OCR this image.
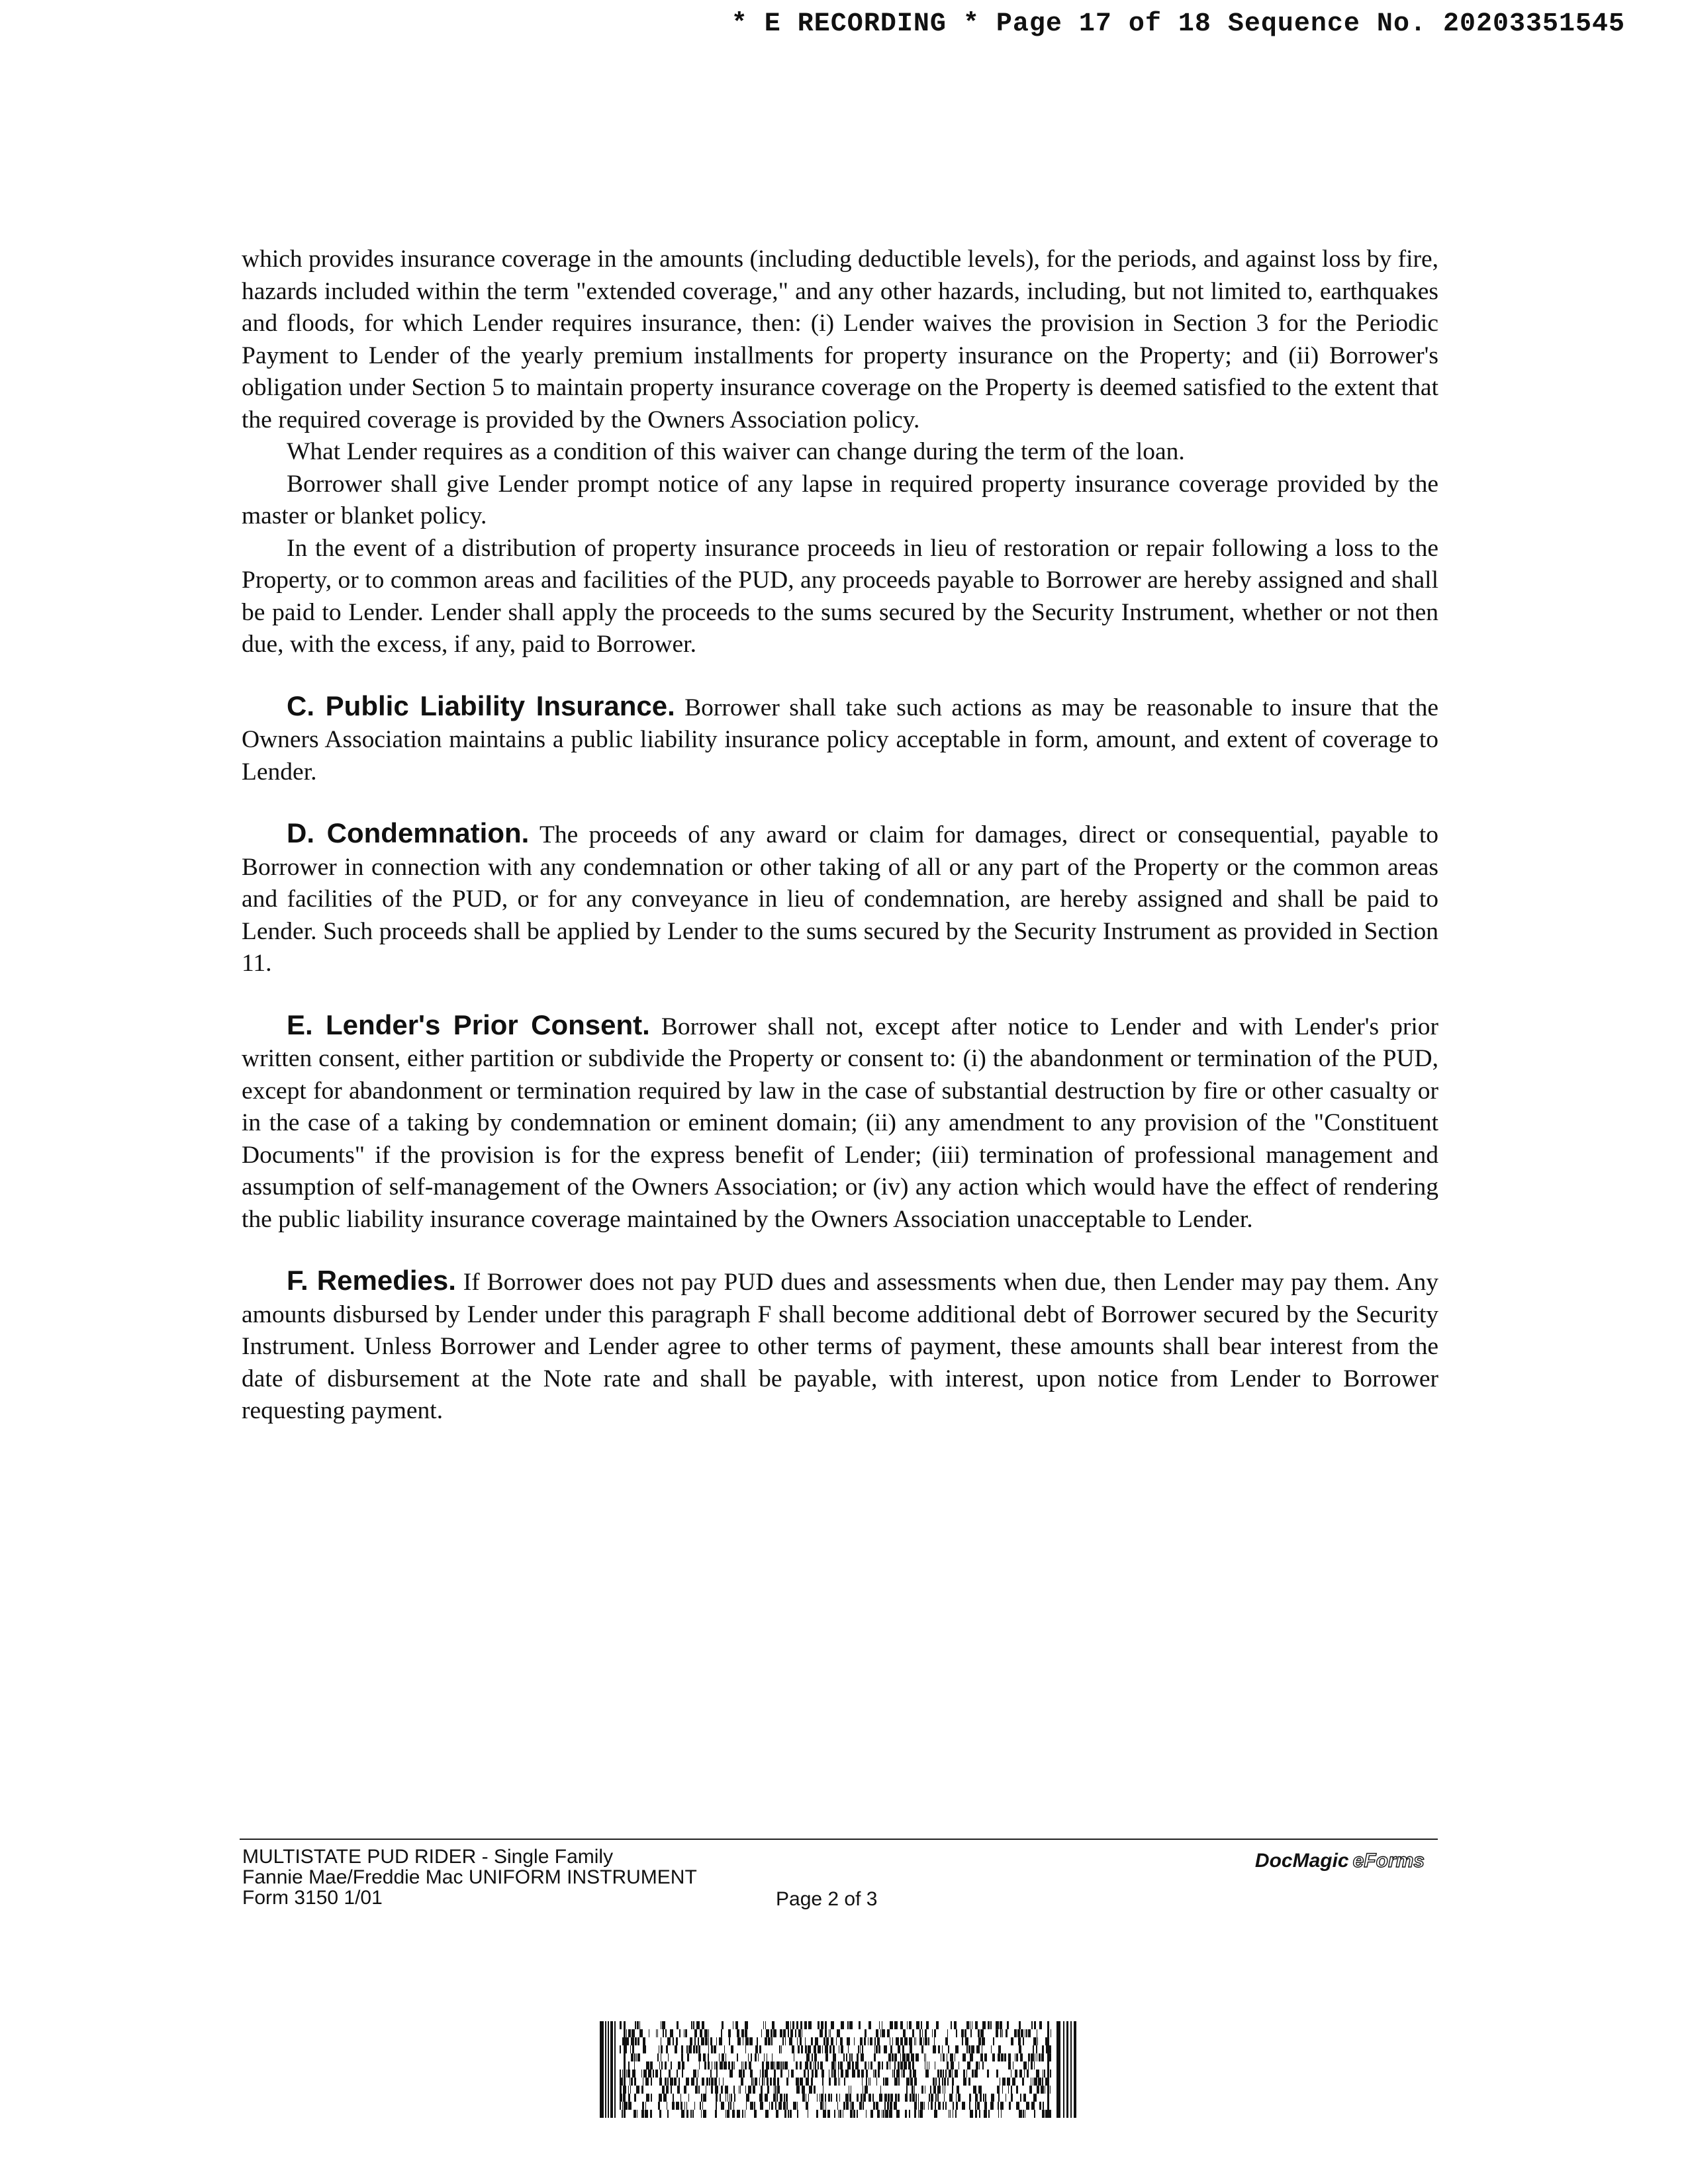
* E RECORDING * Page 17 of 18 Sequence No. 20203351545

which provides insurance coverage in the amounts (including deductible levels), for the periods, and against loss by fire, hazards included within the term "extended coverage," and any other hazards, including, but not limited to, earthquakes and floods, for which Lender requires insurance, then: (i) Lender waives the provision in Section 3 for the Periodic Payment to Lender of the yearly premium installments for property insurance on the Property; and (ii) Borrower's obligation under Section 5 to maintain property insurance coverage on the Property is deemed satisfied to the extent that the required coverage is provided by the Owners Association policy.

What Lender requires as a condition of this waiver can change during the term of the loan.

Borrower shall give Lender prompt notice of any lapse in required property insurance coverage provided by the master or blanket policy.

In the event of a distribution of property insurance proceeds in lieu of restoration or repair following a loss to the Property, or to common areas and facilities of the PUD, any proceeds payable to Borrower are hereby assigned and shall be paid to Lender. Lender shall apply the proceeds to the sums secured by the Security Instrument, whether or not then due, with the excess, if any, paid to Borrower.

C. Public Liability Insurance. Borrower shall take such actions as may be reasonable to insure that the Owners Association maintains a public liability insurance policy acceptable in form, amount, and extent of coverage to Lender.

D. Condemnation. The proceeds of any award or claim for damages, direct or consequential, payable to Borrower in connection with any condemnation or other taking of all or any part of the Property or the common areas and facilities of the PUD, or for any conveyance in lieu of condemnation, are hereby assigned and shall be paid to Lender. Such proceeds shall be applied by Lender to the sums secured by the Security Instrument as provided in Section 11.

E. Lender's Prior Consent. Borrower shall not, except after notice to Lender and with Lender's prior written consent, either partition or subdivide the Property or consent to: (i) the abandonment or termination of the PUD, except for abandonment or termination required by law in the case of substantial destruction by fire or other casualty or in the case of a taking by condemnation or eminent domain; (ii) any amendment to any provision of the "Constituent Documents" if the provision is for the express benefit of Lender; (iii) termination of professional management and assumption of self-management of the Owners Association; or (iv) any action which would have the effect of rendering the public liability insurance coverage maintained by the Owners Association unacceptable to Lender.

F. Remedies. If Borrower does not pay PUD dues and assessments when due, then Lender may pay them. Any amounts disbursed by Lender under this paragraph F shall become additional debt of Borrower secured by the Security Instrument. Unless Borrower and Lender agree to other terms of payment, these amounts shall bear interest from the date of disbursement at the Note rate and shall be payable, with interest, upon notice from Lender to Borrower requesting payment.

MULTISTATE PUD RIDER - Single Family
Fannie Mae/Freddie Mac UNIFORM INSTRUMENT
Form 3150 1/01	Page 2 of 3
DocMagic eForms
